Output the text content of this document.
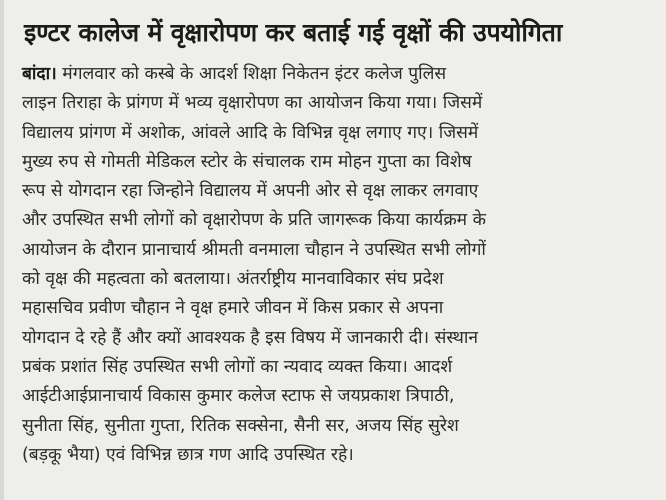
इण्टर कालेज में वृक्षारोपण कर बताई गई वृक्षों की उपयोगिता
बांदा। मंगलवार को कस्बे के आदर्श शिक्षा निकेतन इंटर कलेज पुलिस
लाइन तिराहा के प्रांगण में भव्य वृक्षारोपण का आयोजन किया गया। जिसमें
विद्यालय प्रांगण में अशोक, आंवले आदि के विभिन्न वृक्ष लगाए गए। जिसमें
मुख्य रुप से गोमती मेडिकल स्टोर के संचालक राम मोहन गुप्ता का विशेष
रूप से योगदान रहा जिन्होने विद्यालय में अपनी ओर से वृक्ष लाकर लगवाए
और उपस्थित सभी लोगों को वृक्षारोपण के प्रति जागरूक किया कार्यक्रम के
आयोजन के दौरान प्रानाचार्य श्रीमती वनमाला चौहान ने उपस्थित सभी लोगों
को वृक्ष की महत्वता को बतलाया। अंतर्राष्ट्रीय मानवाविकार संघ प्रदेश
महासचिव प्रवीण चौहान ने वृक्ष हमारे जीवन में किस प्रकार से अपना
योगदान दे रहे हैं और क्यों आवश्यक है इस विषय में जानकारी दी। संस्थान
प्रबंक प्रशांत सिंह उपस्थित सभी लोगों का न्यवाद व्यक्त किया। आदर्श
आईटीआईप्रानाचार्य विकास कुमार कलेज स्टाफ से जयप्रकाश त्रिपाठी,
सुनीता सिंह, सुनीता गुप्ता, रितिक सक्सेना, सैनी सर, अजय सिंह सुरेश
(बड़कू भैया) एवं विभिन्न छात्र गण आदि उपस्थित रहे।
